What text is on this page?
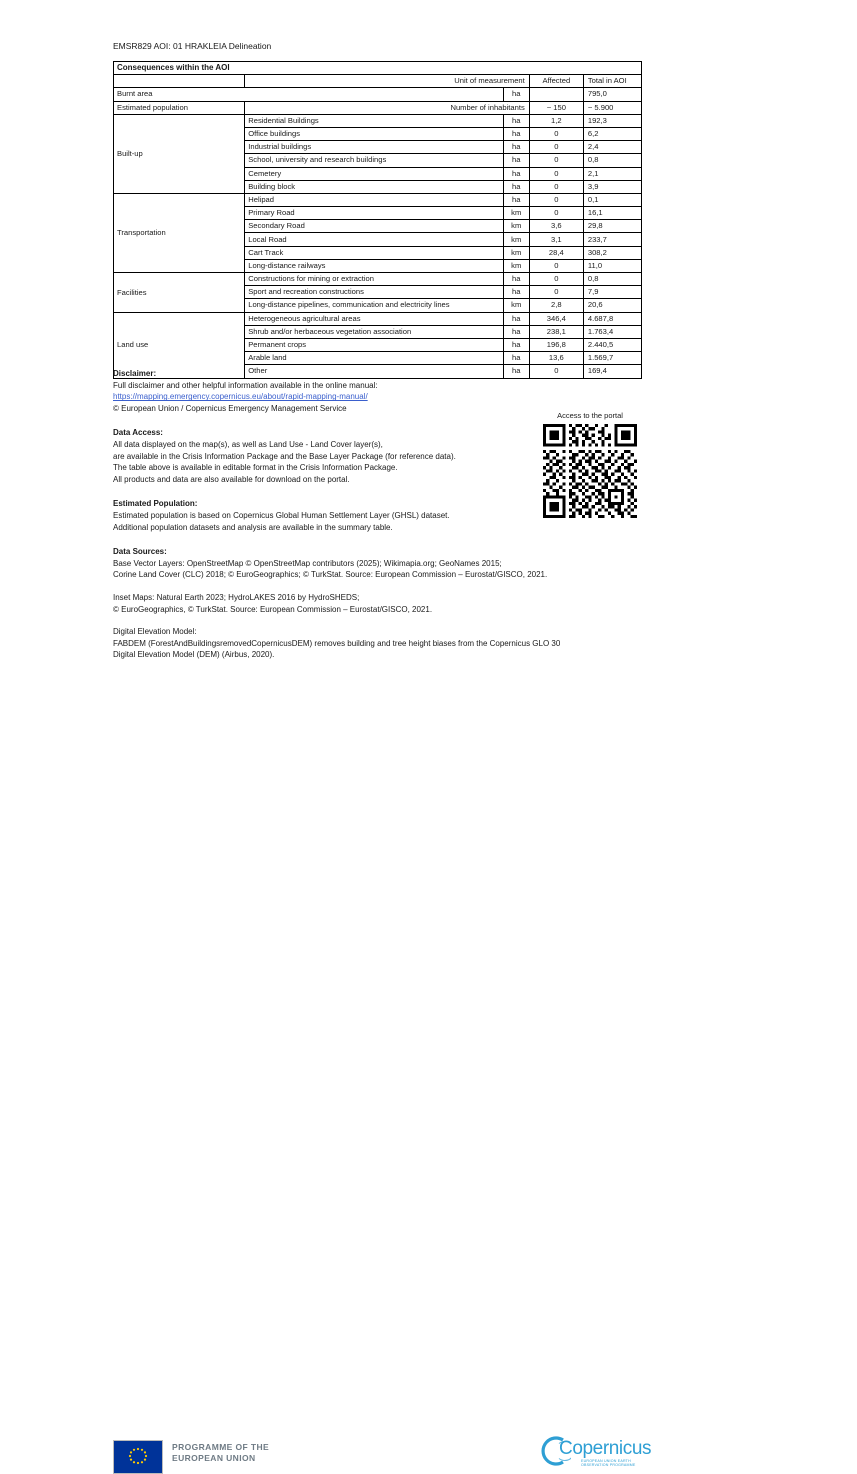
EMSR829 AOI: 01 HRAKLEIA Delineation
Consequences within the AOI				
	Unit of measurement		Affected	Total in AOI
Burnt area		ha		795,0
Estimated population	Number of inhabitants		~ 150	~ 5.900
Built-up	Residential Buildings	ha	1,2	192,3
	Office buildings	ha	0	6,2
	Industrial buildings	ha	0	2,4
	School, university and research buildings	ha	0	0,8
	Cemetery	ha	0	2,1
	Building block	ha	0	3,9
Transportation	Helipad	ha	0	0,1
	Primary Road	km	0	16,1
	Secondary Road	km	3,6	29,8
	Local Road	km	3,1	233,7
	Cart Track	km	28,4	308,2
	Long-distance railways	km	0	11,0
Facilities	Constructions for mining or extraction	ha	0	0,8
	Sport and recreation constructions	ha	0	7,9
	Long-distance pipelines, communication and electricity lines	km	2,8	20,6
Land use	Heterogeneous agricultural areas	ha	346,4	4.687,8
	Shrub and/or herbaceous vegetation association	ha	238,1	1.763,4
	Permanent crops	ha	196,8	2.440,5
	Arable land	ha	13,6	1.569,7
	Other	ha	0	169,4

Disclaimer:

Full disclaimer and other helpful information available in the online manual:

https://mapping.emergency.copernicus.eu/about/rapid-mapping-manual/

© European Union / Copernicus Emergency Management Service

Data Access:

All data displayed on the map(s), as well as Land Use - Land Cover layer(s),

are available in the Crisis Information Package and the Base Layer Package (for reference data).

The table above is available in editable format in the Crisis Information Package.

All products and data are also available for download on the portal.

Estimated Population:

Estimated population is based on Copernicus Global Human Settlement Layer (GHSL) dataset.

Additional population datasets and analysis are available in the summary table.

Data Sources:

Base Vector Layers: OpenStreetMap © OpenStreetMap contributors (2025); Wikimapia.org; GeoNames 2015;

Corine Land Cover (CLC) 2018; © EuroGeographics; © TurkStat. Source: European Commission – Eurostat/GISCO, 2021.

Inset Maps: Natural Earth 2023; HydroLAKES 2016 by HydroSHEDS;

© EuroGeographics, © TurkStat. Source: European Commission – Eurostat/GISCO, 2021.

Digital Elevation Model:

FABDEM (ForestAndBuildingsremovedCopernicusDEM) removes building and tree height biases from the Copernicus GLO 30

Digital Elevation Model (DEM) (Airbus, 2020).

Access to the portal
PROGRAMME OF THE
EUROPEAN UNION	Copernicus
EUROPEAN UNION EARTH OBSERVATION PROGRAMME
